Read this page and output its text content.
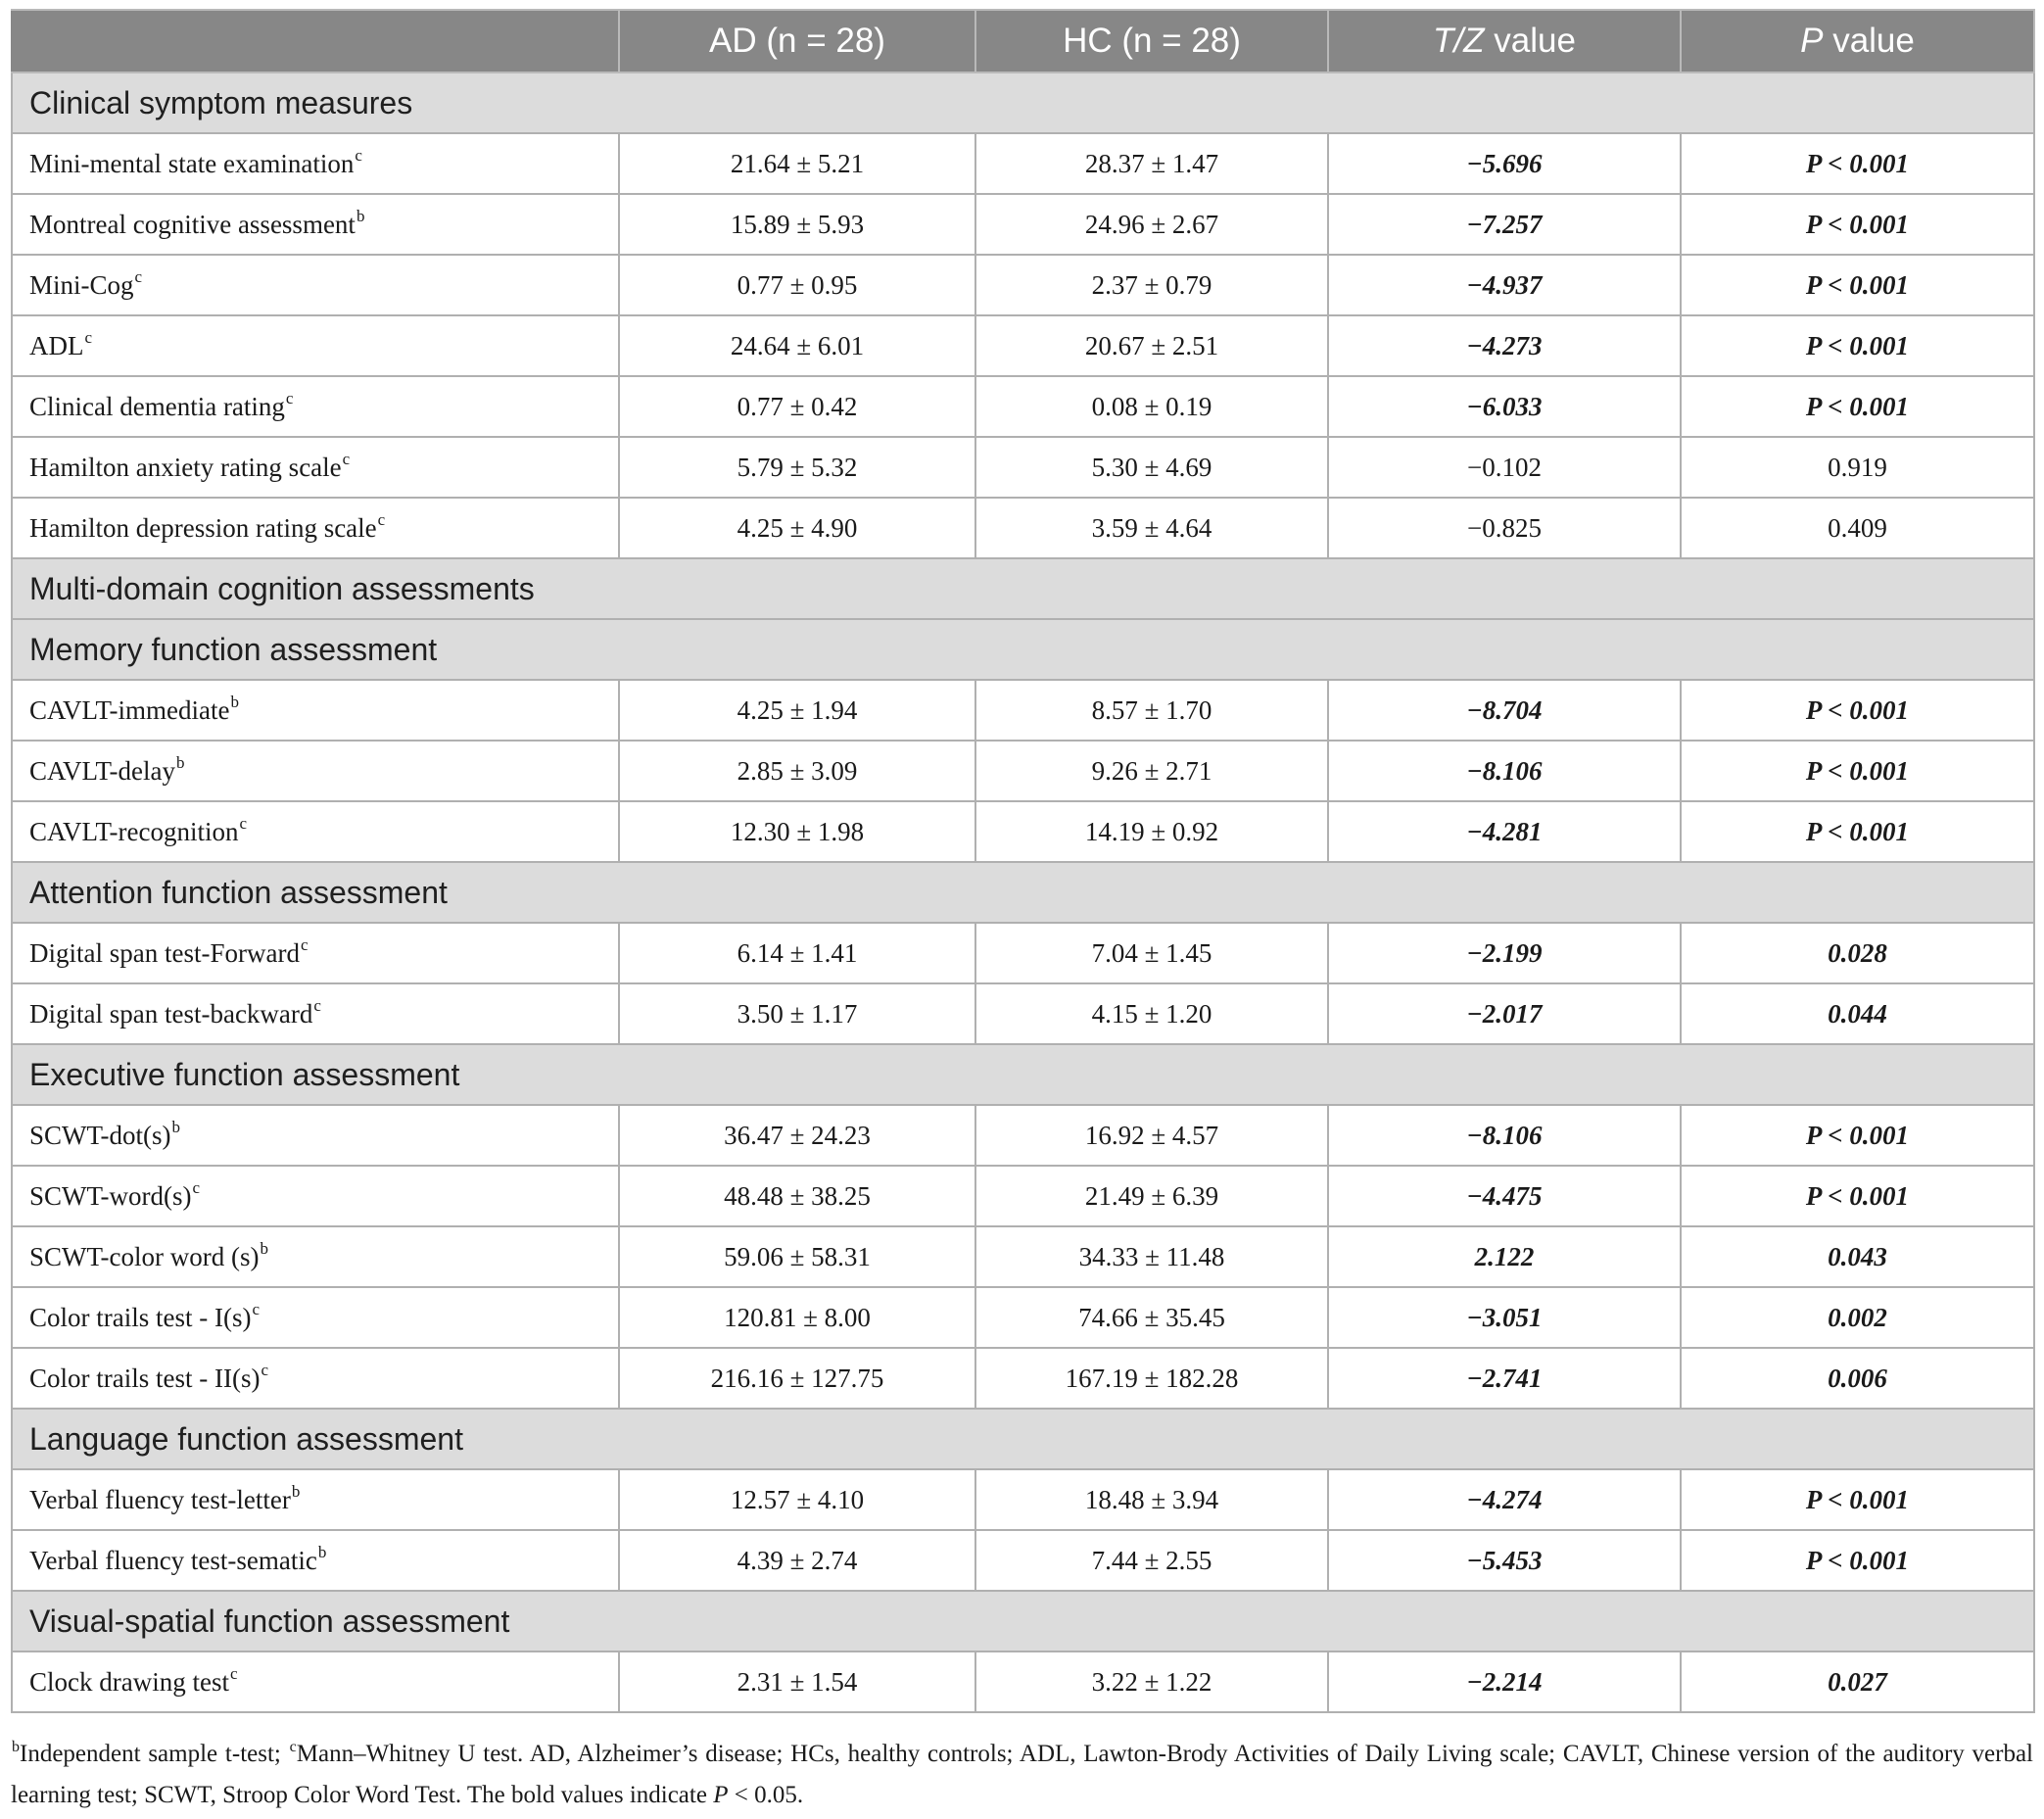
	AD (n = 28)	HC (n = 28)	T/Z value	P value
Clinical symptom measures				
Mini-mental state examination$^c$	21.64 ± 5.21	28.37 ± 1.47	−5.696	P < 0.001
Montreal cognitive assessment$^b$	15.89 ± 5.93	24.96 ± 2.67	−7.257	P < 0.001
Mini-Cog$^c$	0.77 ± 0.95	2.37 ± 0.79	−4.937	P < 0.001
ADL$^c$	24.64 ± 6.01	20.67 ± 2.51	−4.273	P < 0.001
Clinical dementia rating$^c$	0.77 ± 0.42	0.08 ± 0.19	−6.033	P < 0.001
Hamilton anxiety rating scale$^c$	5.79 ± 5.32	5.30 ± 4.69	−0.102	0.919
Hamilton depression rating scale$^c$	4.25 ± 4.90	3.59 ± 4.64	−0.825	0.409
Multi-domain cognition assessments				
Memory function assessment				
CAVLT-immediate$^b$	4.25 ± 1.94	8.57 ± 1.70	−8.704	P < 0.001
CAVLT-delay$^b$	2.85 ± 3.09	9.26 ± 2.71	−8.106	P < 0.001
CAVLT-recognition$^c$	12.30 ± 1.98	14.19 ± 0.92	−4.281	P < 0.001
Attention function assessment				
Digital span test-Forward$^c$	6.14 ± 1.41	7.04 ± 1.45	−2.199	0.028
Digital span test-backward$^c$	3.50 ± 1.17	4.15 ± 1.20	−2.017	0.044
Executive function assessment				
SCWT-$dot(s)^b$	36.47 ± 24.23	16.92 ± 4.57	−8.106	P < 0.001
SCWT-$word(s)^c$	48.48 ± 38.25	21.49 ± 6.39	−4.475	P < 0.001
SCWT-color word $(s)^b$	59.06 ± 58.31	34.33 ± 11.48	2.122	0.043
Color trails test - $I(s)^c$	120.81 ± 8.00	74.66 ± 35.45	−3.051	0.002
Color trails test - $II(s)^c$	216.16 ± 127.75	167.19 ± 182.28	−2.741	0.006
Language function assessment				
Verbal fluency test-letter$^b$	12.57 ± 4.10	18.48 ± 3.94	−4.274	P < 0.001
Verbal fluency test-sematic$^b$	4.39 ± 2.74	7.44 ± 2.55	−5.453	P < 0.001
Visual-spatial function assessment				
Clock drawing test$^c$	2.31 ± 1.54	3.22 ± 1.22	−2.214	0.027
$^b$Independent sample t-test; $^c$Mann–Whitney U test. AD, Alzheimer’s disease; HCs, healthy controls; ADL, Lawton-Brody Activities of Daily Living scale; CAVLT, Chinese version of the auditory verbal learning test; SCWT, Stroop Color Word Test. The bold values indicate P < 0.05.
